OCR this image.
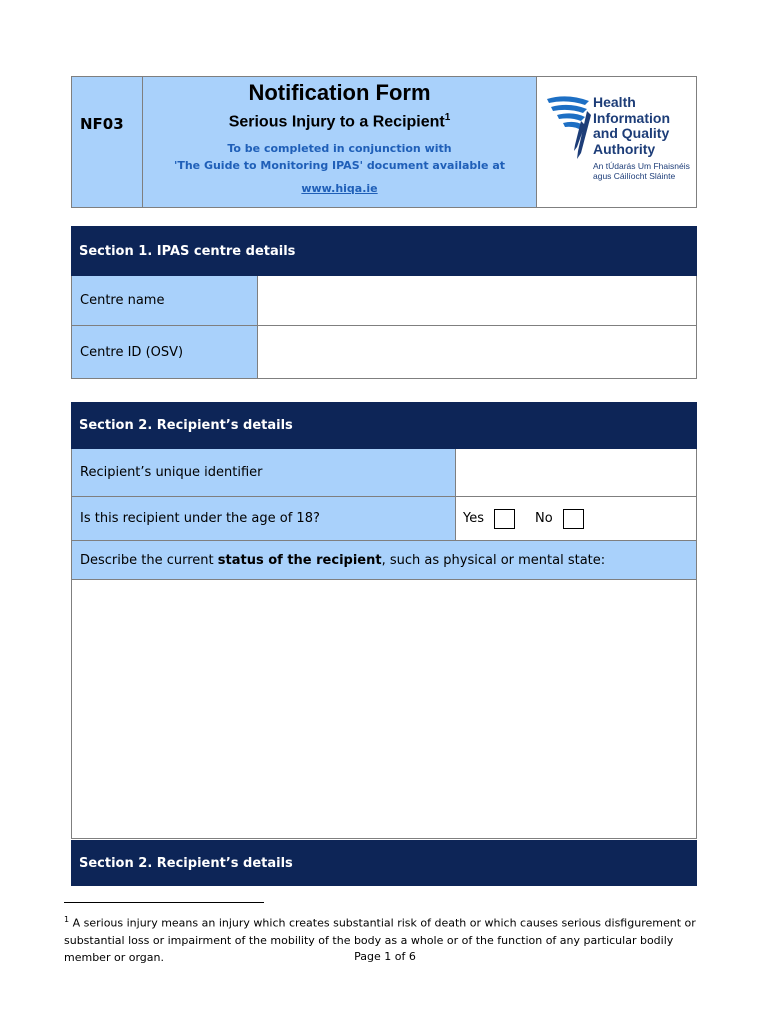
NF03
Notification Form
Serious Injury to a Recipient$^1$
To be completed in conjunction with
'The Guide to Monitoring IPAS' document available at
www.hiqa.ie
Health
Information
and Quality
Authority
An tÚdarás Um Fhaisnéis
agus Cáilíocht Sláinte
Section 1. IPAS centre details
Centre name
Centre ID (OSV)
Section 2. Recipient’s details
Recipient’s unique identifier
Is this recipient under the age of 18?	Yes	No
Describe the current status of the recipient , such as physical or mental state:
Section 2. Recipient’s details
$^1$ A serious injury means an injury which creates substantial risk of death or which causes serious disfigurement or substantial loss or impairment of the mobility of the body as a whole or of the function of any particular bodily member or organ.	Page 1 of 6
